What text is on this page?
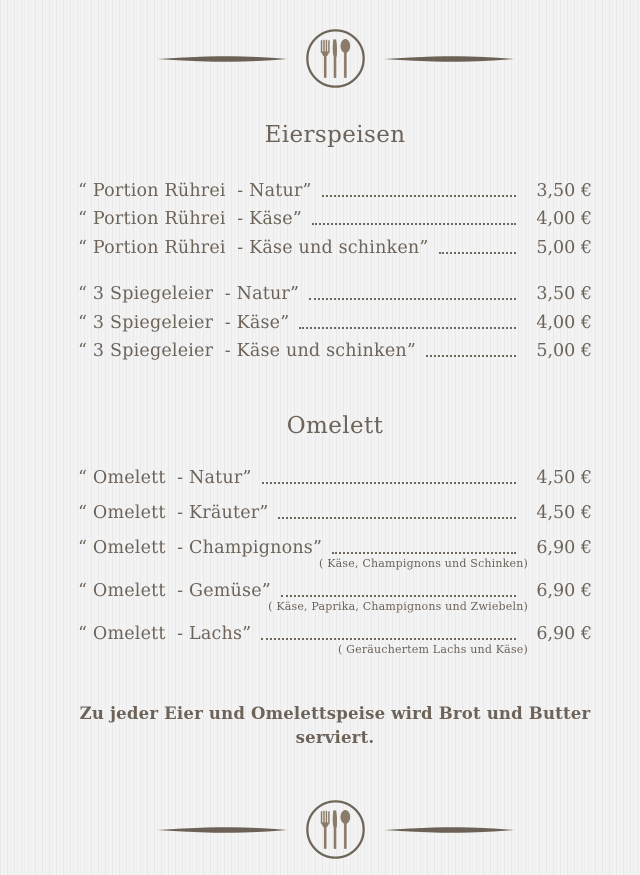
Eierspeisen
“ Portion Rührei  - Natur”	3,50 €
“ Portion Rührei  - Käse”	4,00 €
“ Portion Rührei  - Käse und schinken”	5,00 €
“ 3 Spiegeleier  - Natur”	3,50 €
“ 3 Spiegeleier  - Käse”	4,00 €
“ 3 Spiegeleier  - Käse und schinken”	5,00 €
Omelett
“ Omelett  - Natur”	4,50 €
“ Omelett  - Kräuter”	4,50 €
“ Omelett  - Champignons”	6,90 €
( Käse, Champignons und Schinken)
“ Omelett  - Gemüse”	6,90 €
( Käse, Paprika, Champignons und Zwiebeln)
“ Omelett  - Lachs”	6,90 €
( Geräuchertem Lachs und Käse)
Zu jeder Eier und Omelettspeise wird Brot und Butter serviert.
